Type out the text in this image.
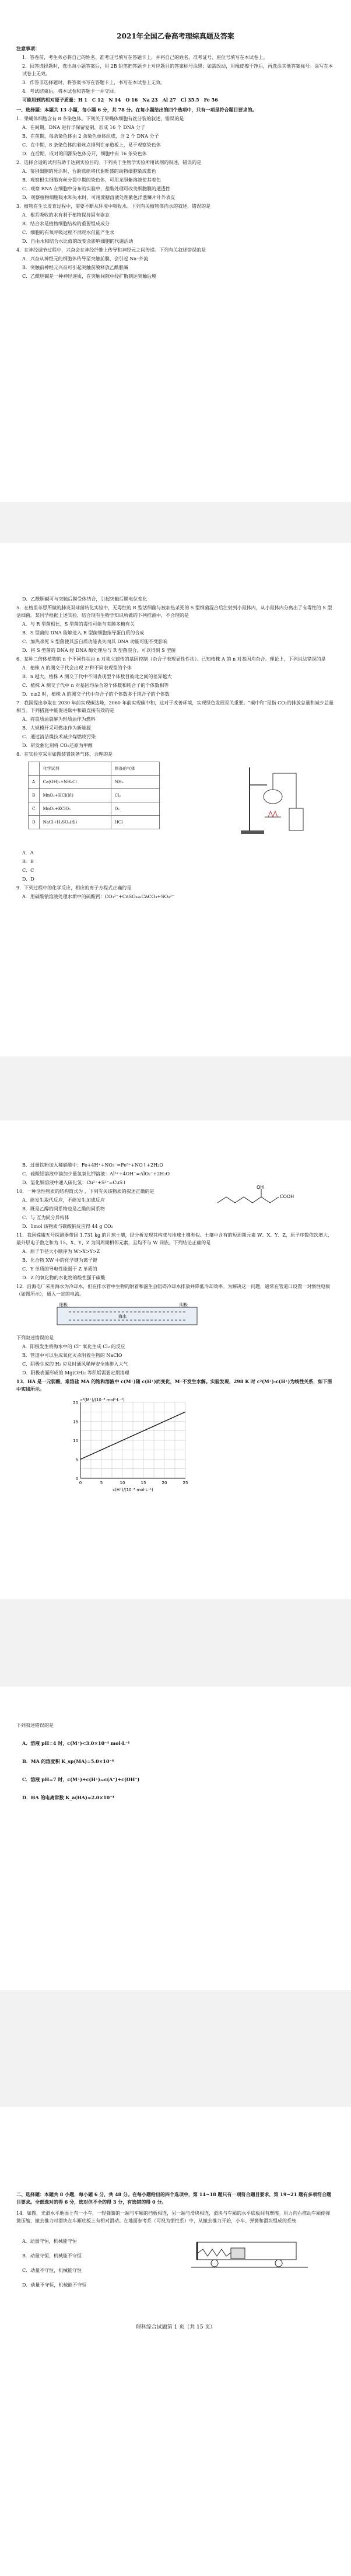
2021年全国乙卷高考理综真题及答案
注意事项：
1．答卷前，考生务必将自己的姓名、准考证号填写在答题卡上，并将自己的姓名、准考证号、座位号填写在本试卷上。
2．回答选择题时，选出每小题答案后，用 2B 铅笔把答题卡上对应题目的答案标号涂黑；如需改动，用橡皮擦干净后，再选涂其他答案标号。涂写在本试卷上无效。
3．作答非选择题时，将答案书写在答题卡上，书写在本试卷上无效。
4．考试结束后，将本试卷和答题卡一并交回。
可能用到的相对原子质量：H 1　C 12　N 14　O 16　Na 23　Al 27　Cl 35.5　Fe 56
一、选择题：本题共 13 小题，每小题 6 分，共 78 分。在每小题给出的四个选项中，只有一项是符合题目要求的。
1．果蝇体细胞含有 8 条染色体。下列关于果蝇体细胞有丝分裂的叙述，错误的是
A．在间期，DNA 进行半保留复制，形成 16 个 DNA 分子
B．在前期，每条染色体由 2 条染色单体组成，含 2 个 DNA 分子
C．在中期，8 条染色体的着丝点排列在赤道板上，易于观察染色体
D．在后期，成对的同源染色体分开，细胞中有 16 条染色体
2．选择合适的试剂有助于达到实验目的。下列关于生物学实验所用试剂的叙述，错误的是
A．鉴别细胞的死活时，台盼蓝能将代谢旺盛的动物细胞染成蓝色
B．观察根尖细胞有丝分裂中期的染色体，可用龙胆紫溶液使其着色
C．观察 RNA 在细胞中分布的实验中，盐酸处理可改变细胞膜的通透性
D．观察植物细胞吸水和失水时，可用蔗糖溶液处理紫色洋葱鳞片叶外表皮
3．植物在生长发育过程中，需要不断从环境中吸收水。下列有关植物体内水的叙述，错误的是
A．根系吸收的水有利于植物保持固有姿态
B．结合水是植物细胞结构的重要组成成分
C．细胞的有氧呼吸过程不消耗水但能产生水
D．自由水和结合水比值的改变会影响细胞的代谢活动
4．在神经调节过程中，兴奋会在神经纤维上传导和神经元之间传递。下列有关叙述错误的是
A．兴奋从神经元的细胞体传导至突触前膜，会引起 Na⁺外流
B．突触前神经元兴奋可引起突触前膜释放乙酰胆碱
C．乙酰胆碱是一种神经递质，在突触间隙中经扩散到达突触后膜
D．乙酰胆碱可与突触后膜受体结合，引起突触后膜电位变化
5．在格里菲思所做的肺炎双球菌转化实验中，无毒性的 R 型活细菌与被加热杀死的 S 型细菌混合后注射到小鼠体内，从小鼠体内分离出了有毒性的 S 型活细菌。某同学根据上述实验，结合现有生物学知识所做的下列推测中，不合理的是
A．与 R 型菌相比，S 型菌的毒性可能与荚膜多糖有关
B．S 型菌的 DNA 能够进入 R 型菌细胞指导蛋白质的合成
C．加热杀死 S 型菌使其蛋白质功能丧失而其 DNA 功能可能不受影响
D．将 S 型菌的 DNA 经 DNA 酶处理后与 R 型菌混合，可以得到 S 型菌
6．某种二倍体植物的 n 个不同性状由 n 对独立遗传的基因控制（杂合子表现显性性状）。已知植株 A 的 n 对基因均杂合。理论上，下列说法错误的是
A．植株 A 的测交子代会出现 2ⁿ种不同表现型的个体
B．n 越大，植株 A 测交子代中不同表现型个体数目彼此之间的差异越大
C．植株 A 测交子代中 n 对基因均杂合的个体数和纯合子的个体数相等
D．n≥2 时，植株 A 的测交子代中杂合子的个体数多于纯合子的个体数
7．我国提出争取在 2030 年前实现碳达峰，2060 年前实现碳中和，这对于改善环境，实现绿色发展至关重要。“碳中和”是指 CO₂的排放总量和减少总量相当。下列措施中能促进碳中和最直接有效的是
A．将重质油裂解为轻质油作为燃料
B．大规模开采可燃冰作为新能源
C．通过清洁煤技术减少煤燃烧污染
D．研发催化剂将 CO₂还原为甲醇
8．在实验室采用如图装置制备气体，合理的是
	化学试剂	制备的气体
A	Ca(OH)₂+NH₄Cl	NH₃
B	MnO₂+HCl(浓)	Cl₂
C	MnO₂+KClO₃	O₂
D	NaCl+H₂SO₄(浓)	HCl
A．A
B．B
C．C
D．D
9．下列过程中的化学反应，相应的离子方程式正确的是
A．用碳酸钠溶液处理水垢中的硫酸钙：CO₃²⁻+CaSO₄=CaCO₃+SO₄²⁻
B．过量铁粉加入稀硝酸中：Fe+4H⁺+NO₃⁻=Fe³⁺+NO↑+2H₂O
C．硫酸铝溶液中滴加少量氢氧化钾溶液：Al³⁺+4OH⁻=AlO₂⁻+2H₂O
D．氯化铜溶液中通入硫化氢：Cu²⁺+S²⁻=CuS↓
10．一种活性物质的结构简式为 ，下列有关该物质的叙述正确的是
COOH
OH
A．能发生取代反应，不能发生加成反应
B．既是乙醇的同系物也是乙酸的同系物
C．与 互为同分异构体
D．1mol 该物质与碳酸钠反应得 44 g CO₂
11．我国嫦娥五号探测器带回 1.731 kg 的月球土壤，经分析发现其构成与地球土壤类似。土壤中含有的短周期元素 W、X、Y、Z，原子序数依次增大，最外层电子数之和为 15。X、Y、Z 为同周期相邻元素，且均不与 W 同族。下列结论正确的是
A．原子半径大小顺序为 W>X>Y>Z
B．化合物 XW 中的化学键为离子键
C．Y 单质的导电性能弱于 Z 单质的
D．Z 的氧化物的水化物的酸性强于碳酸
12．沿海电厂采用海水为冷却水，但在排水管中生物的附着和滋生会阻碍冷却水排放并降低冷却效率。为解决这一问题，通常在管道口设置一对惰性电极（如图所示），通入一定的电流。
阳极	阴极
海水
下列叙述错误的是
A．阳极发生将海水中的 Cl⁻ 氧化生成 Cl₂ 的反应
B．管道中可以生成氧化灭杀附着生物的 NaClO
C．阴极生成的 H₂ 应及时通风稀释安全地排入大气
D．阳极表面形成的 Mg(OH)₂ 等积垢需要定期清理
13．HA 是一元弱酸，难溶盐 MA 的饱和溶液中 c(M⁺)随 c(H⁺)而变化，M⁺不发生水解。实验发现，298 K 时 c²(M⁺)-c(H⁺)为线性关系，如下图中实线所示。
0	5	10	15	20	25
0
5
10
15
20
c(H⁺)/(10⁻⁵ mol·L⁻¹)
c²(M⁺)/(10⁻⁸ mol²·L⁻²)
下列叙述错误的是
A．溶液 pH=4 时，c(M⁺)<3.0×10⁻⁴ mol·L⁻¹
B．MA 的溶度积 K_sp(MA)=5.0×10⁻⁸
C．溶液 pH=7 时，c(M⁺)+c(H⁺)=c(A⁻)+c(OH⁻)
D．HA 的电离常数 K_a(HA)≈2.0×10⁻⁴
二、选择题：本题共 8 小题，每小题 6 分，共 48 分。在每小题给出的四个选项中，第 14~18 题只有一项符合题目要求，第 19~21 题有多项符合题目要求。全部选对的得 6 分，选对但不全的得 3 分，有选错的得 0 分。
14．如图，光滑水平地面上有一小车，一轻弹簧的一端与车厢的挡板相连，另一端与滑块相连，滑块与车厢的水平底板间有摩擦。用力向右推动车厢使弹簧压缩，撤去推力时滑块在车厢底板上有相对滑动。在地面参考系（可视为惯性系）中，从撤去推力开始，小车、弹簧和滑块组成的系统
A．动量守恒，机械能守恒
B．动量守恒，机械能不守恒
C．动量不守恒，机械能守恒
D．动量不守恒，机械能不守恒
理科综合试题第 1 页（共 15 页）
